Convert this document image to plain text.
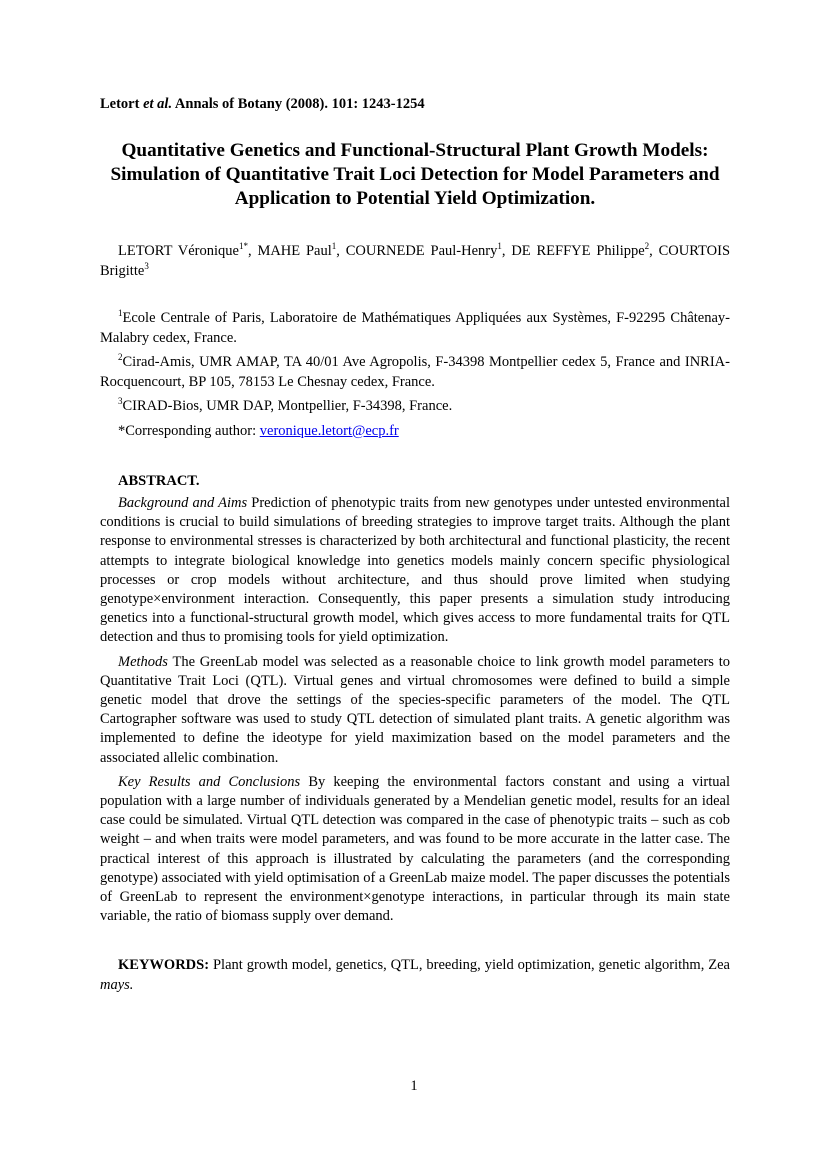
Letort et al. Annals of Botany (2008). 101: 1243-1254

Quantitative Genetics and Functional-Structural Plant Growth Models: Simulation of Quantitative Trait Loci Detection for Model Parameters and Application to Potential Yield Optimization.

LETORT Véronique$^{1*}$, MAHE Paul$^1$, COURNEDE Paul-Henry$^1$, DE REFFYE Philippe$^2$, COURTOIS Brigitte$^3$

$^1$Ecole Centrale of Paris, Laboratoire de Mathématiques Appliquées aux Systèmes, F-92295 Châtenay-Malabry cedex, France.

$^2$Cirad-Amis, UMR AMAP, TA 40/01 Ave Agropolis, F-34398 Montpellier cedex 5, France and INRIA-Rocquencourt, BP 105, 78153 Le Chesnay cedex, France.

$^3$CIRAD-Bios, UMR DAP, Montpellier, F-34398, France.

*Corresponding author: veronique.letort@ecp.fr

ABSTRACT.

Background and Aims Prediction of phenotypic traits from new genotypes under untested environmental conditions is crucial to build simulations of breeding strategies to improve target traits. Although the plant response to environmental stresses is characterized by both architectural and functional plasticity, the recent attempts to integrate biological knowledge into genetics models mainly concern specific physiological processes or crop models without architecture, and thus should prove limited when studying genotype×environment interaction. Consequently, this paper presents a simulation study introducing genetics into a functional-structural growth model, which gives access to more fundamental traits for QTL detection and thus to promising tools for yield optimization.

Methods The GreenLab model was selected as a reasonable choice to link growth model parameters to Quantitative Trait Loci (QTL). Virtual genes and virtual chromosomes were defined to build a simple genetic model that drove the settings of the species-specific parameters of the model. The QTL Cartographer software was used to study QTL detection of simulated plant traits. A genetic algorithm was implemented to define the ideotype for yield maximization based on the model parameters and the associated allelic combination.

Key Results and Conclusions By keeping the environmental factors constant and using a virtual population with a large number of individuals generated by a Mendelian genetic model, results for an ideal case could be simulated. Virtual QTL detection was compared in the case of phenotypic traits – such as cob weight – and when traits were model parameters, and was found to be more accurate in the latter case. The practical interest of this approach is illustrated by calculating the parameters (and the corresponding genotype) associated with yield optimisation of a GreenLab maize model. The paper discusses the potentials of GreenLab to represent the environment×genotype interactions, in particular through its main state variable, the ratio of biomass supply over demand.

KEYWORDS: Plant growth model, genetics, QTL, breeding, yield optimization, genetic algorithm, Zea mays.

1
